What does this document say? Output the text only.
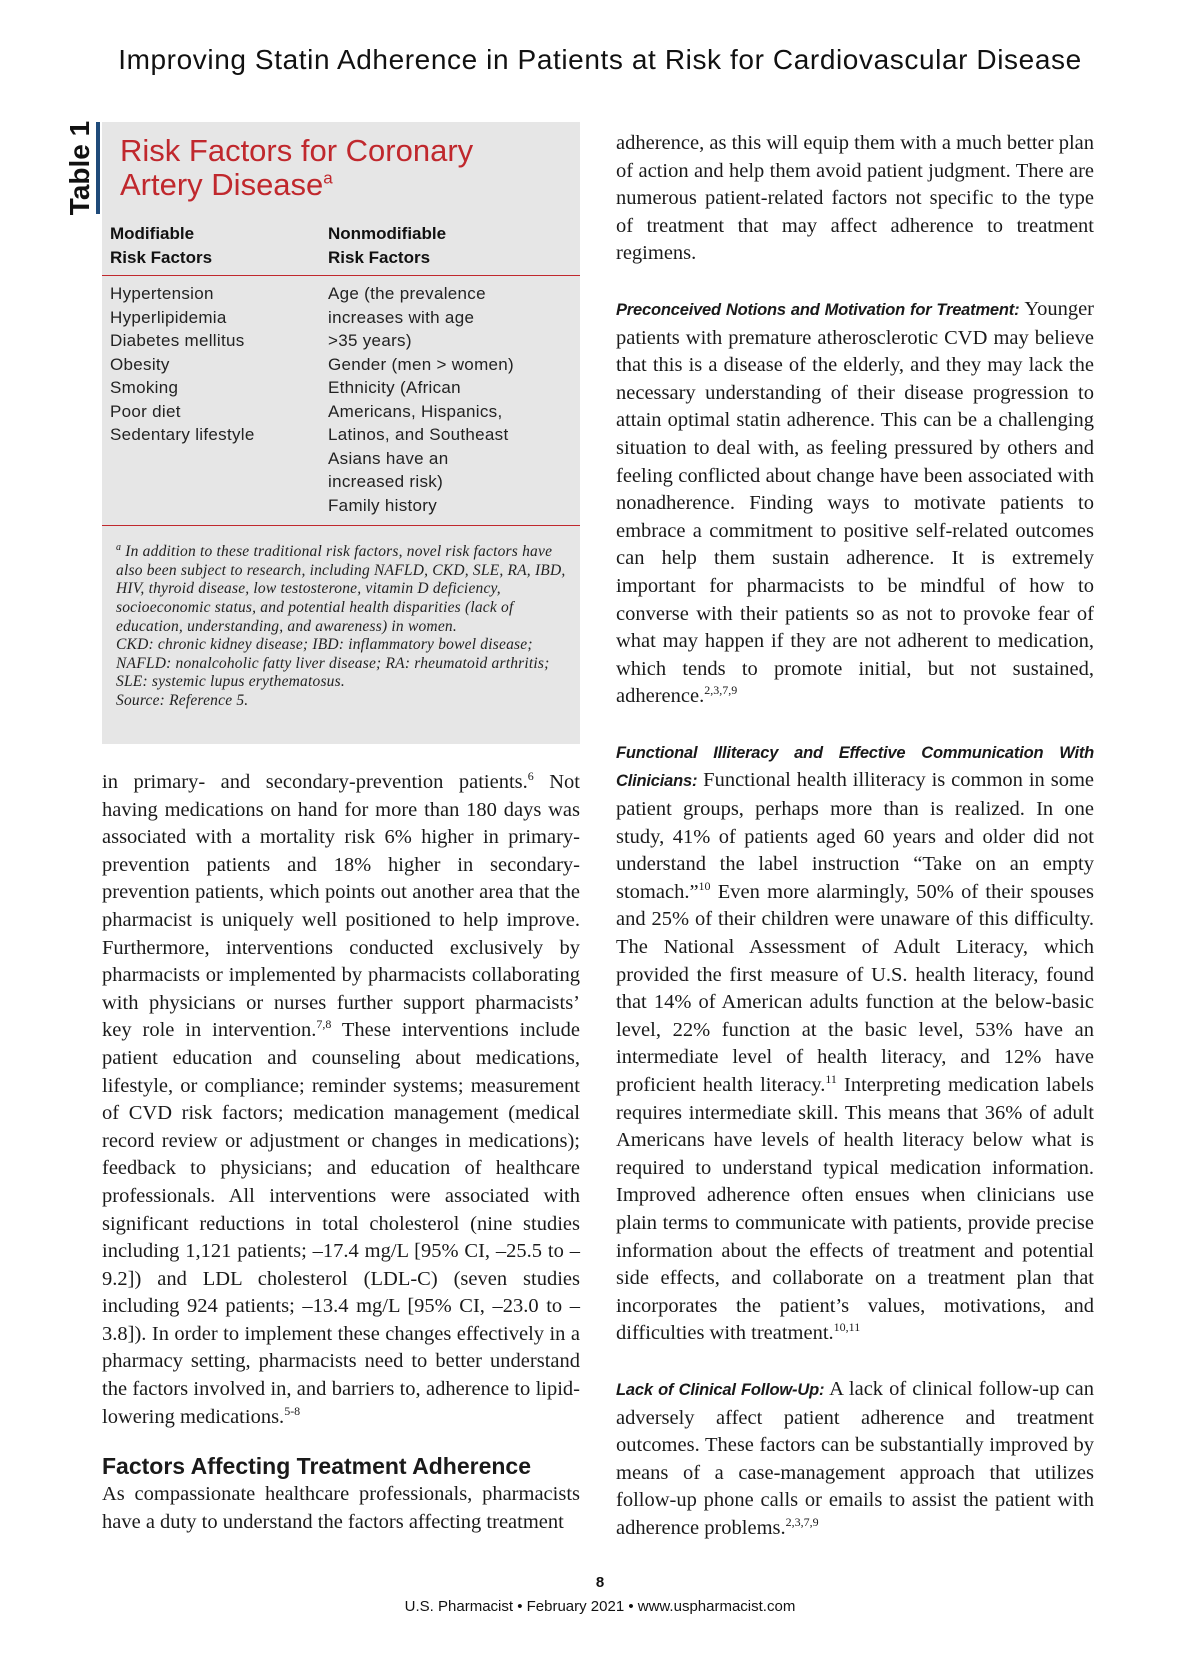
Improving Statin Adherence in Patients at Risk for Cardiovascular Disease
Table 1 Risk Factors for Coronary
Artery Disease$^a$
Modifiable
Risk Factors
Nonmodifiable
Risk Factors
Hypertension
Hyperlipidemia
Diabetes mellitus
Obesity
Smoking
Poor diet
Sedentary lifestyle
Age (the prevalence
increases with age
>35 years)
Gender (men > women)
Ethnicity (African
Americans, Hispanics,
Latinos, and Southeast
Asians have an
increased risk)
Family history
$^a$ In addition to these traditional risk factors, novel risk factors have also been subject to research, including NAFLD, CKD, SLE, RA, IBD, HIV, thyroid disease, low testosterone, vitamin D deficiency, socioeconomic status, and potential health disparities (lack of education, understanding, and awareness) in women.
CKD: chronic kidney disease; IBD: inflammatory bowel disease; NAFLD: nonalcoholic fatty liver disease; RA: rheumatoid arthritis; SLE: systemic lupus erythematosus.
Source: Reference 5.

in primary- and secondary-prevention patients.$^6$ Not having medications on hand for more than 180 days was associated with a mortality risk 6% higher in primary-prevention patients and 18% higher in secondary-prevention patients, which points out another area that the pharmacist is uniquely well positioned to help improve. Furthermore, interventions conducted exclusively by pharmacists or implemented by pharmacists collaborating with physicians or nurses further support pharmacists’ key role in intervention.$^{7,8}$ These interventions include patient education and counseling about medications, lifestyle, or compliance; reminder systems; measurement of CVD risk factors; medication management (medical record review or adjustment or changes in medications); feedback to physicians; and education of healthcare professionals. All interventions were associated with significant reductions in total cholesterol (nine studies including 1,121 patients; –17.4 mg/L [95% CI, –25.5 to –9.2]) and LDL cholesterol (LDL-C) (seven studies including 924 patients; –13.4 mg/L [95% CI, –23.0 to –3.8]). In order to implement these changes effectively in a pharmacy setting, pharmacists need to better understand the factors involved in, and barriers to, adherence to lipid-lowering medications.$^{5-8}$

Factors Affecting Treatment Adherence

As compassionate healthcare professionals, pharmacists have a duty to understand the factors affecting treatment

adherence, as this will equip them with a much better plan of action and help them avoid patient judgment. There are numerous patient-related factors not specific to the type of treatment that may affect adherence to treatment regimens.

Preconceived Notions and Motivation for Treatment: Younger patients with premature atherosclerotic CVD may believe that this is a disease of the elderly, and they may lack the necessary understanding of their disease progression to attain optimal statin adherence. This can be a challenging situation to deal with, as feeling pressured by others and feeling conflicted about change have been associated with nonadherence. Finding ways to motivate patients to embrace a commitment to positive self-related outcomes can help them sustain adherence. It is extremely important for pharmacists to be mindful of how to converse with their patients so as not to provoke fear of what may happen if they are not adherent to medication, which tends to promote initial, but not sustained, adherence.$^{2,3,7,9}$

Functional Illiteracy and Effective Communication With Clinicians: Functional health illiteracy is common in some patient groups, perhaps more than is realized. In one study, 41% of patients aged 60 years and older did not understand the label instruction “Take on an empty stomach.”$^{10}$ Even more alarmingly, 50% of their spouses and 25% of their children were unaware of this difficulty. The National Assessment of Adult Literacy, which provided the first measure of U.S. health literacy, found that 14% of American adults function at the below-basic level, 22% function at the basic level, 53% have an intermediate level of health literacy, and 12% have proficient health literacy.$^{11}$ Interpreting medication labels requires intermediate skill. This means that 36% of adult Americans have levels of health literacy below what is required to understand typical medication information. Improved adherence often ensues when clinicians use plain terms to communicate with patients, provide precise information about the effects of treatment and potential side effects, and collaborate on a treatment plan that incorporates the patient’s values, motivations, and difficulties with treatment.$^{10,11}$

Lack of Clinical Follow-Up: A lack of clinical follow-up can adversely affect patient adherence and treatment outcomes. These factors can be substantially improved by means of a case-management approach that utilizes follow-up phone calls or emails to assist the patient with adherence problems.$^{2,3,7,9}$

8
U.S. Pharmacist • February 2021 • www.uspharmacist.com
